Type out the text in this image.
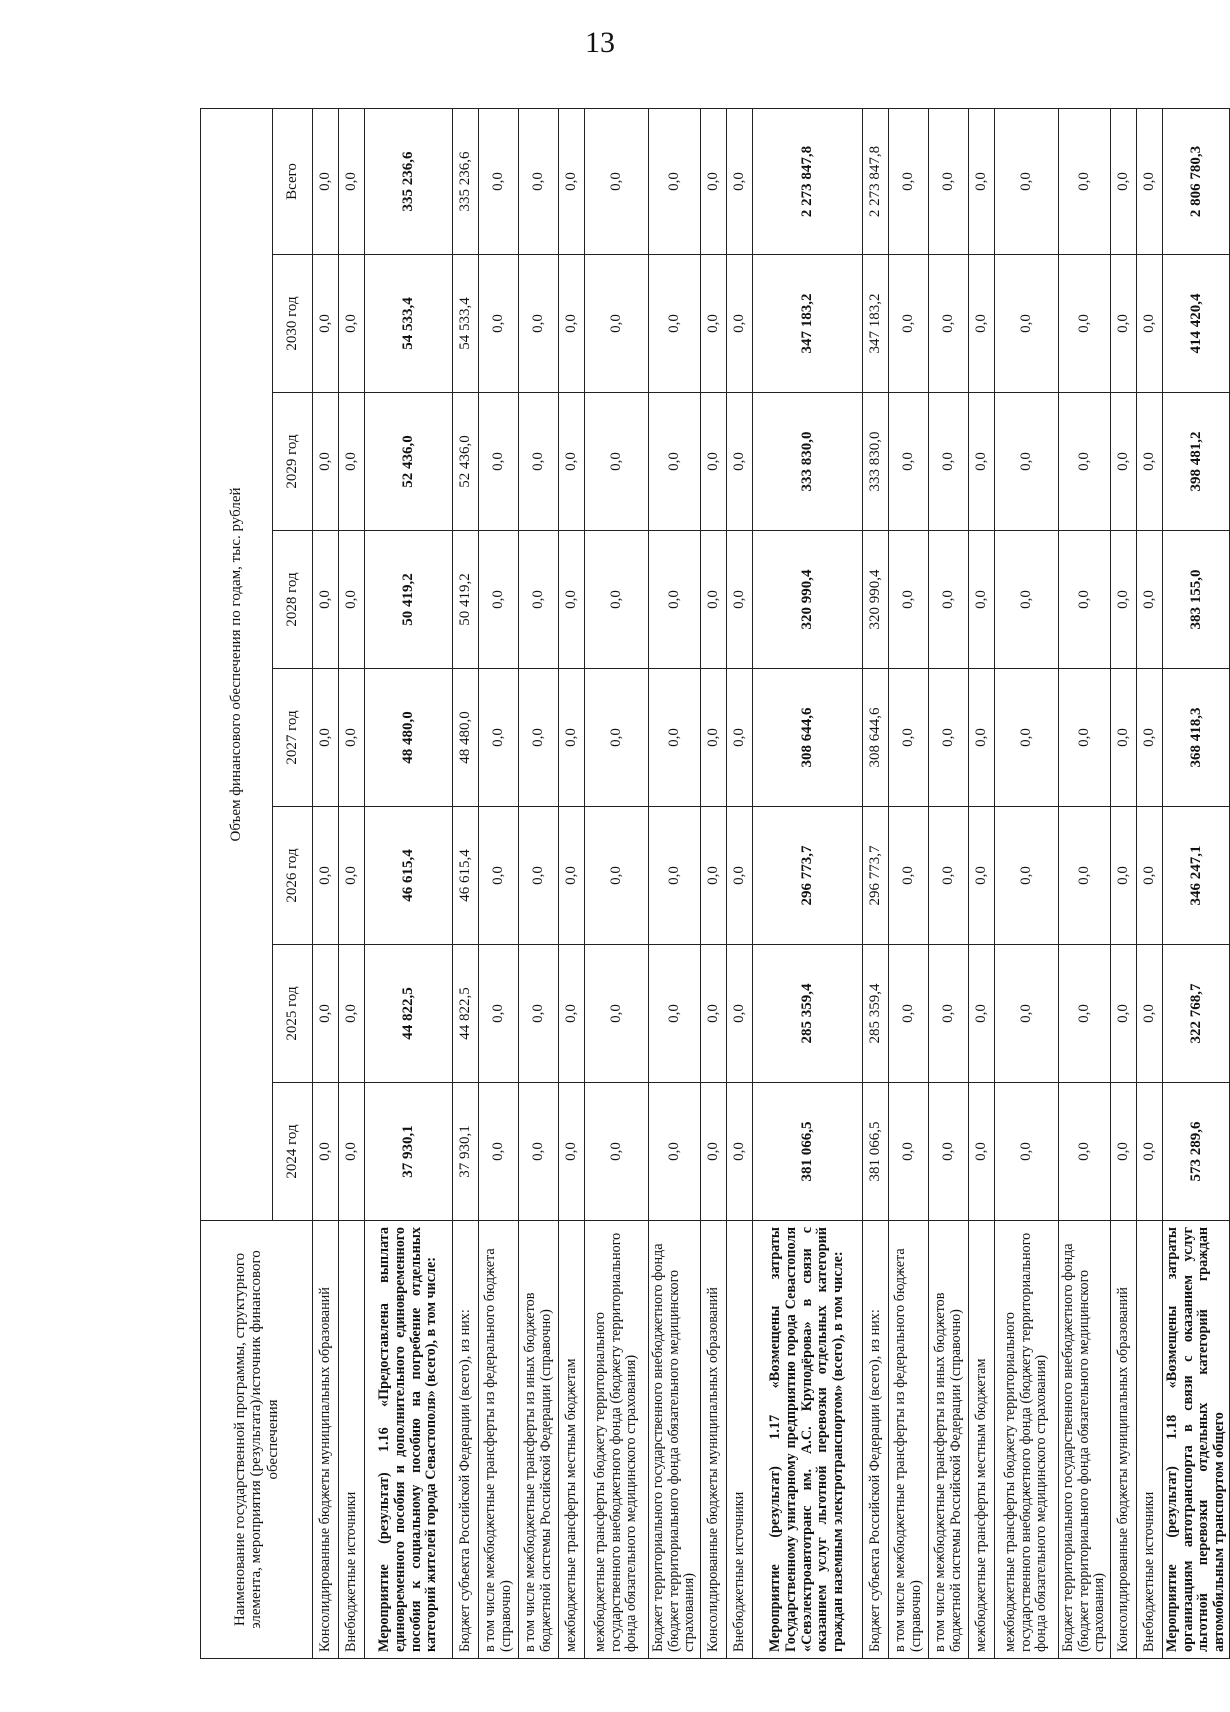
13
Наименование государственной программы, структурного элемента, мероприятия (результата)/источник финансового обеспечения	Объем финансового обеспечения по годам, тыс. рублей							
	2024 год	2025 год	2026 год	2027 год	2028 год	2029 год	2030 год	Всего
Консолидированные бюджеты муниципальных образований	0,0	0,0	0,0	0,0	0,0	0,0	0,0	0,0
Внебюджетные источники	0,0	0,0	0,0	0,0	0,0	0,0	0,0	0,0
Мероприятие (результат) 1.16 «Предоставлена выплата единовременного пособия и дополнительного единовременного пособия к социальному пособию на погребение отдельных категорий жителей города Севастополя» (всего), в том числе:	37 930,1	44 822,5	46 615,4	48 480,0	50 419,2	52 436,0	54 533,4	335 236,6
Бюджет субъекта Российской Федерации (всего), из них:	37 930,1	44 822,5	46 615,4	48 480,0	50 419,2	52 436,0	54 533,4	335 236,6
в том числе межбюджетные трансферты из федерального бюджета (справочно)	0,0	0,0	0,0	0,0	0,0	0,0	0,0	0,0
в том числе межбюджетные трансферты из иных бюджетов бюджетной системы Российской Федерации (справочно)	0,0	0,0	0,0	0,0	0,0	0,0	0,0	0,0
межбюджетные трансферты местным бюджетам	0,0	0,0	0,0	0,0	0,0	0,0	0,0	0,0
межбюджетные трансферты бюджету территориального государственного внебюджетного фонда (бюджету территориального фонда обязательного медицинского страхования)	0,0	0,0	0,0	0,0	0,0	0,0	0,0	0,0
Бюджет территориального государственного внебюджетного фонда (бюджет территориального фонда обязательного медицинского страхования)	0,0	0,0	0,0	0,0	0,0	0,0	0,0	0,0
Консолидированные бюджеты муниципальных образований	0,0	0,0	0,0	0,0	0,0	0,0	0,0	0,0
Внебюджетные источники	0,0	0,0	0,0	0,0	0,0	0,0	0,0	0,0
Мероприятие (результат) 1.17 «Возмещены затраты Государственному унитарному предприятию города Севастополя «Севэлектроавтотранс им. А.С. Круподёрова» в связи с оказанием услуг льготной перевозки отдельных категорий граждан наземным электротранспортом» (всего), в том числе:	381 066,5	285 359,4	296 773,7	308 644,6	320 990,4	333 830,0	347 183,2	2 273 847,8
Бюджет субъекта Российской Федерации (всего), из них:	381 066,5	285 359,4	296 773,7	308 644,6	320 990,4	333 830,0	347 183,2	2 273 847,8
в том числе межбюджетные трансферты из федерального бюджета (справочно)	0,0	0,0	0,0	0,0	0,0	0,0	0,0	0,0
в том числе межбюджетные трансферты из иных бюджетов бюджетной системы Российской Федерации (справочно)	0,0	0,0	0,0	0,0	0,0	0,0	0,0	0,0
межбюджетные трансферты местным бюджетам	0,0	0,0	0,0	0,0	0,0	0,0	0,0	0,0
межбюджетные трансферты бюджету территориального государственного внебюджетного фонда (бюджету территориального фонда обязательного медицинского страхования)	0,0	0,0	0,0	0,0	0,0	0,0	0,0	0,0
Бюджет территориального государственного внебюджетного фонда (бюджет территориального фонда обязательного медицинского страхования)	0,0	0,0	0,0	0,0	0,0	0,0	0,0	0,0
Консолидированные бюджеты муниципальных образований	0,0	0,0	0,0	0,0	0,0	0,0	0,0	0,0
Внебюджетные источники	0,0	0,0	0,0	0,0	0,0	0,0	0,0	0,0
Мероприятие (результат) 1.18 «Возмещены затраты организациям автотранспорта в связи с оказанием услуг льготной перевозки отдельных категорий граждан автомобильным транспортом общего	573 289,6	322 768,7	346 247,1	368 418,3	383 155,0	398 481,2	414 420,4	2 806 780,3
